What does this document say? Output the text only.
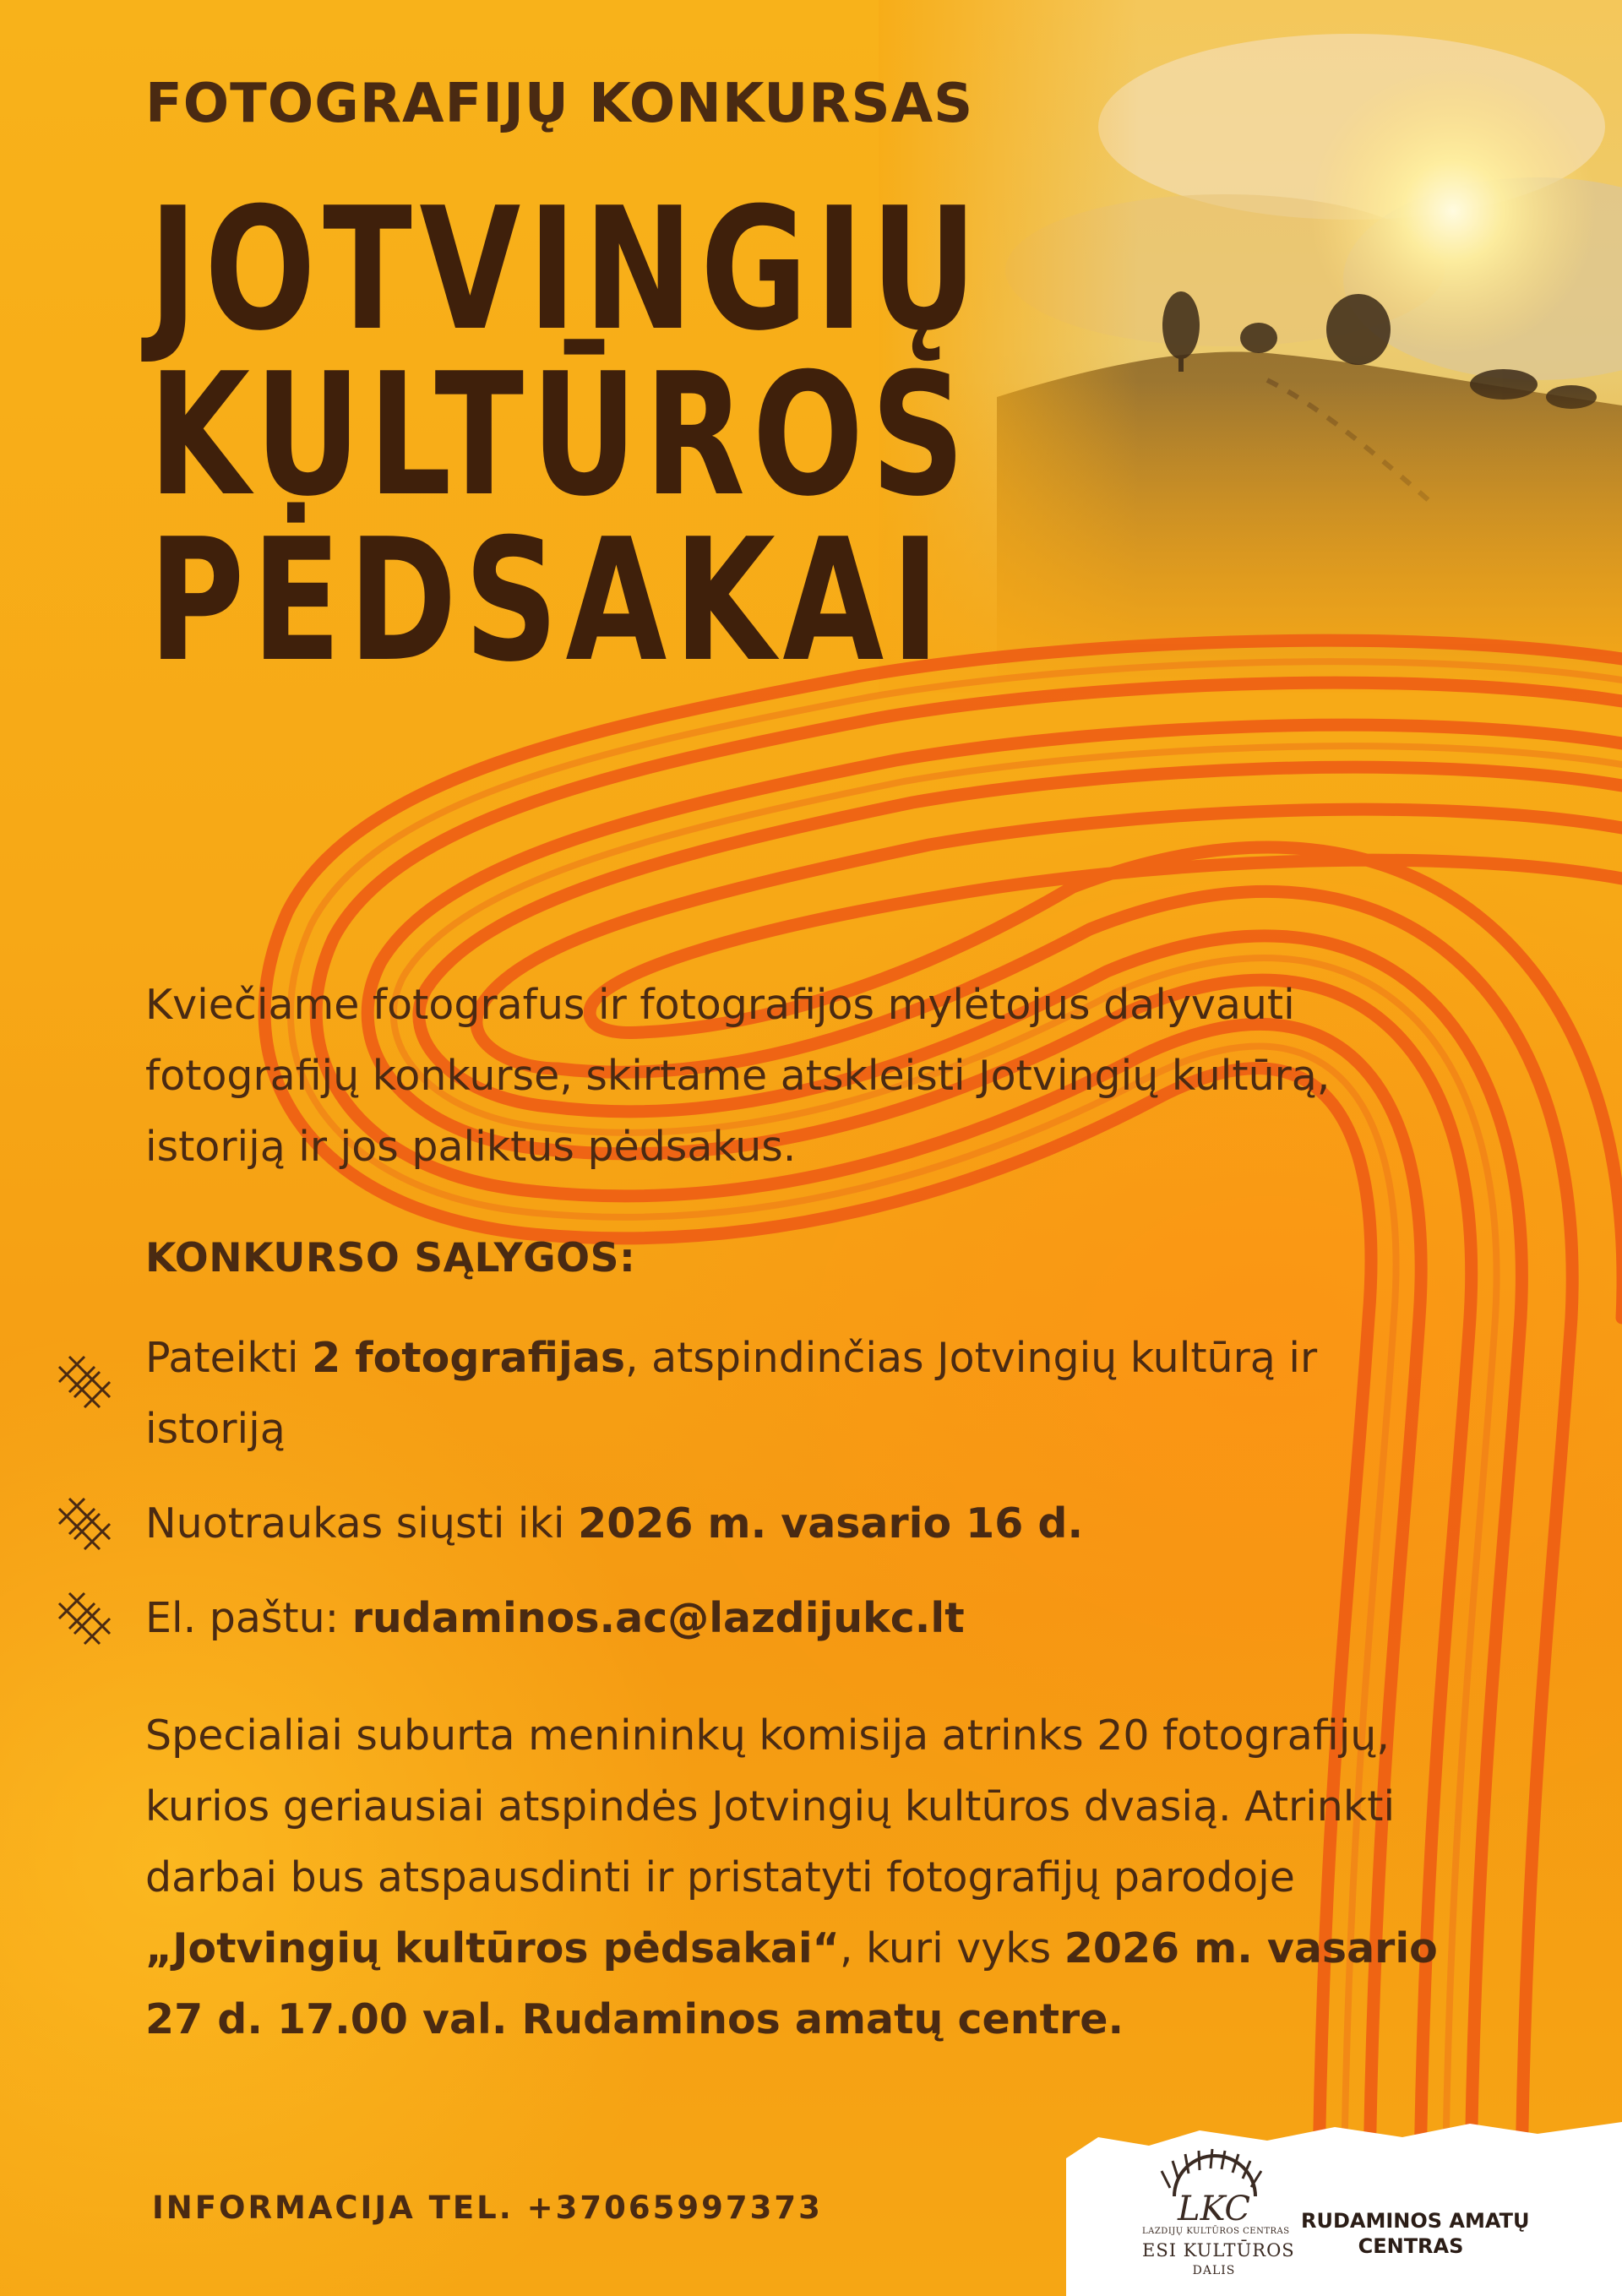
LKC
FOTOGRAFIJŲ KONKURSAS
JOTVINGIŲ
KULTŪROS
PĖDSAKAI
Kviečiame fotografus ir fotografijos mylėtojus dalyvauti fotografijų konkurse, skirtame atskleisti Jotvingių kultūrą, istoriją ir jos paliktus pėdsakus.
KONKURSO SĄLYGOS:
Pateikti 2 fotografijas, atspindinčias Jotvingių kultūrą ir istoriją
Nuotraukas siųsti iki 2026 m. vasario 16 d.
El. paštu: rudaminos.ac@lazdijukc.lt
Specialiai suburta menininkų komisija atrinks 20 fotografijų, kurios geriausiai atspindės Jotvingių kultūros dvasią. Atrinkti darbai bus atspausdinti ir pristatyti fotografijų parodoje „Jotvingių kultūros pėdsakai“, kuri vyks 2026 m. vasario 27 d. 17.00 val. Rudaminos amatų centre.
INFORMACIJA TEL. +37065997373
LAZDIJŲ KULTŪROS CENTRAS
ESI KULTŪROS
DALIS
RUDAMINOS AMATŲ
CENTRAS
